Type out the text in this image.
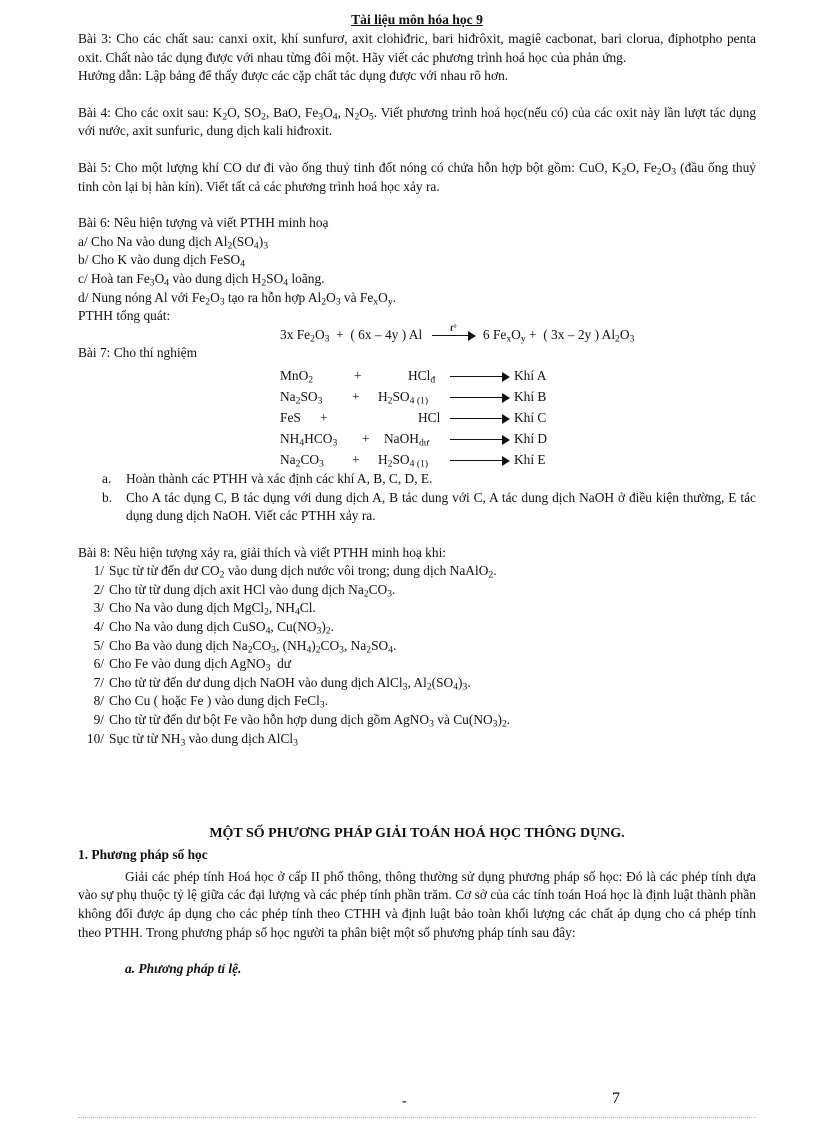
Tài liệu môn hóa học 9
Bài 3: Cho các chất sau: canxi oxit, khí sunfurơ, axit clohiđric, bari hiđrôxit, magiê cacbonat, bari clorua, điphotpho penta oxit. Chất nào tác dụng được với nhau từng đôi một. Hãy viết các phương trình hoá học của phản ứng.
Hướng dẫn: Lập bảng để thấy được các cặp chất tác dụng được với nhau rõ hơn.
Bài 4: Cho các oxit sau: $K_2O$, $SO_2$, BaO, $Fe_3O_4$, $N_2O_5$. Viết phương trình hoá học(nếu có) của các oxit này lần lượt tác dụng với nước, axit sunfuric, dung dịch kali hiđroxit.
Bài 5: Cho một lượng khí CO dư đi vào ống thuỷ tinh đốt nóng có chứa hỗn hợp bột gồm: CuO, $K_2O$, $Fe_2O_3$ (đầu ống thuỷ tinh còn lại bị hàn kín). Viết tất cả các phương trình hoá học xảy ra.
Bài 6: Nêu hiện tượng và viết PTHH minh hoạ
a/ Cho Na vào dung dịch $Al_2(SO_4)_3$
b/ Cho K vào dung dịch FeSO$_4$
c/ Hoà $\tan Fe_3O_4$ vào dung dịch $H_2SO_4$ loãng.
d/ Nung nóng Al với $Fe_2O_3$ tạo ra hỗn hợp $Al_2O_3$ và $Fe_xO_y$.
PTHH tổng quát:
3x $Fe_2O_3$  +  ( 6x – 4y ) Al t° 6 $Fe_xO_y$ +  ( 3x – 2y ) $Al_2O_3$
Bài 7: Cho thí nghiệm
MnO$_2$	+	HCl$_đ$	Khí A
$Na_2SO_3 + H_2SO_{4 (1)}$	Khí B
FeS +	HCl	Khí C
$NH_4HCO_3$ + NaOH$_{dư}$	Khí D
$Na_2CO_3 + H_2SO_{4 (1)}$	Khí E
a. Hoàn thành các PTHH và xác định các khí A, B, C, D, E.
b. Cho A tác dụng C, B tác dụng với dung dịch A, B tác dung với C, A tác dung dịch NaOH ở điều kiện thường, E tác dụng dung dịch NaOH. Viết các PTHH xảy ra.
Bài 8: Nêu hiện tượng xảy ra, giải thích và viết PTHH minh hoạ khi:
1/ Sục từ từ đến dư $CO_2$ vào dung dịch nước vôi trong; dung dịch NaAlO$_2$.
2/ Cho từ từ dung dịch axit HCl vào dung dịch $Na_2CO_3$.
3/ Cho Na vào dung dịch MgCl$_2$, $NH_4Cl$.
4/ Cho Na vào dung dịch CuSO$_4$, $Cu(NO_3)_2$.
5/ Cho Ba vào dung dịch $Na_2CO_3$, $(NH_4)_2CO_3$, $Na_2SO_4$.
6/ Cho Fe vào dung dịch AgNO$_3$  dư
7/ Cho từ từ đến dư dung dịch NaOH vào dung dịch AlCl$_3$, $Al_2(SO_4)_3$.
8/ Cho Cu ( hoặc Fe ) vào dung dịch FeCl$_3$.
9/ Cho từ từ đến dư bột Fe vào hỗn hợp dung dịch gồm AgNO$_3$ và $Cu(NO_3)_2$.
10/ Sục từ từ $NH_3$ vào dung dịch AlCl$_3$
MỘT SỐ PHƯƠNG PHÁP GIẢI TOÁN HOÁ HỌC THÔNG DỤNG.
1. Phương pháp số học
Giải các phép tính Hoá học ở cấp II phổ thông, thông thường sử dụng phương pháp số học: Đó là các phép tính dựa vào sự phụ thuộc tỷ lệ giữa các đại lượng và các phép tính phần trăm. Cơ sở của các tính toán Hoá học là định luật thành phần không đổi được áp dụng cho các phép tính theo CTHH và định luật bảo toàn khối lượng các chất áp dụng cho cá phép tính theo PTHH. Trong phương pháp số học người ta phân biệt một số phương pháp tính sau đây:
a. Phương pháp tỉ lệ.
-	7
